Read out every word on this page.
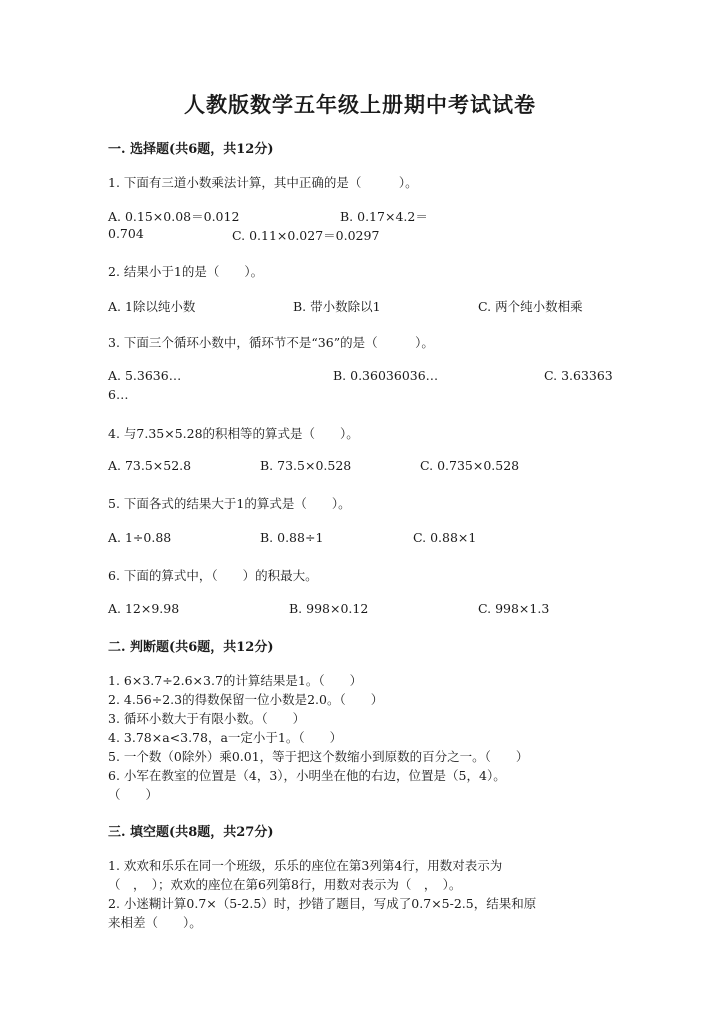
人教版数学五年级上册期中考试试卷
一. 选择题(共6题，共12分)
1. 下面有三道小数乘法计算，其中正确的是（　　　）。
A. 0.15×0.08＝0.012	B. 0.17×4.2＝
0.704	C. 0.11×0.027＝0.0297
2. 结果小于1的是（　　）。
A. 1除以纯小数	B. 带小数除以1	C. 两个纯小数相乘
3. 下面三个循环小数中，循环节不是“36”的是（　　　）。
A. 5.3636…	B. 0.36036036…	C. 3.63363
6…
4. 与7.35×5.28的积相等的算式是（　　）。
A. 73.5×52.8	B. 73.5×0.528	C. 0.735×0.528
5. 下面各式的结果大于1的算式是（　　）。
A. 1÷0.88	B. 0.88÷1	C. 0.88×1
6. 下面的算式中，（　　）的积最大。
A. 12×9.98	B. 998×0.12	C. 998×1.3
二. 判断题(共6题，共12分)
1. 6×3.7÷2.6×3.7的计算结果是1。（　　）
2. 4.56÷2.3的得数保留一位小数是2.0。（　　）
3. 循环小数大于有限小数。（　　）
4. 3.78×a<3.78，a一定小于1。（　　）
5. 一个数（0除外）乘0.01，等于把这个数缩小到原数的百分之一。（　　）
6. 小军在教室的位置是（4，3），小明坐在他的右边，位置是（5，4）。
（　　）
三. 填空题(共8题，共27分)
1. 欢欢和乐乐在同一个班级，乐乐的座位在第3列第4行，用数对表示为
（　，　）；欢欢的座位在第6列第8行，用数对表示为（　，　）。
2. 小迷糊计算0.7×（5-2.5）时，抄错了题目，写成了0.7×5-2.5，结果和原
来相差（　　）。
